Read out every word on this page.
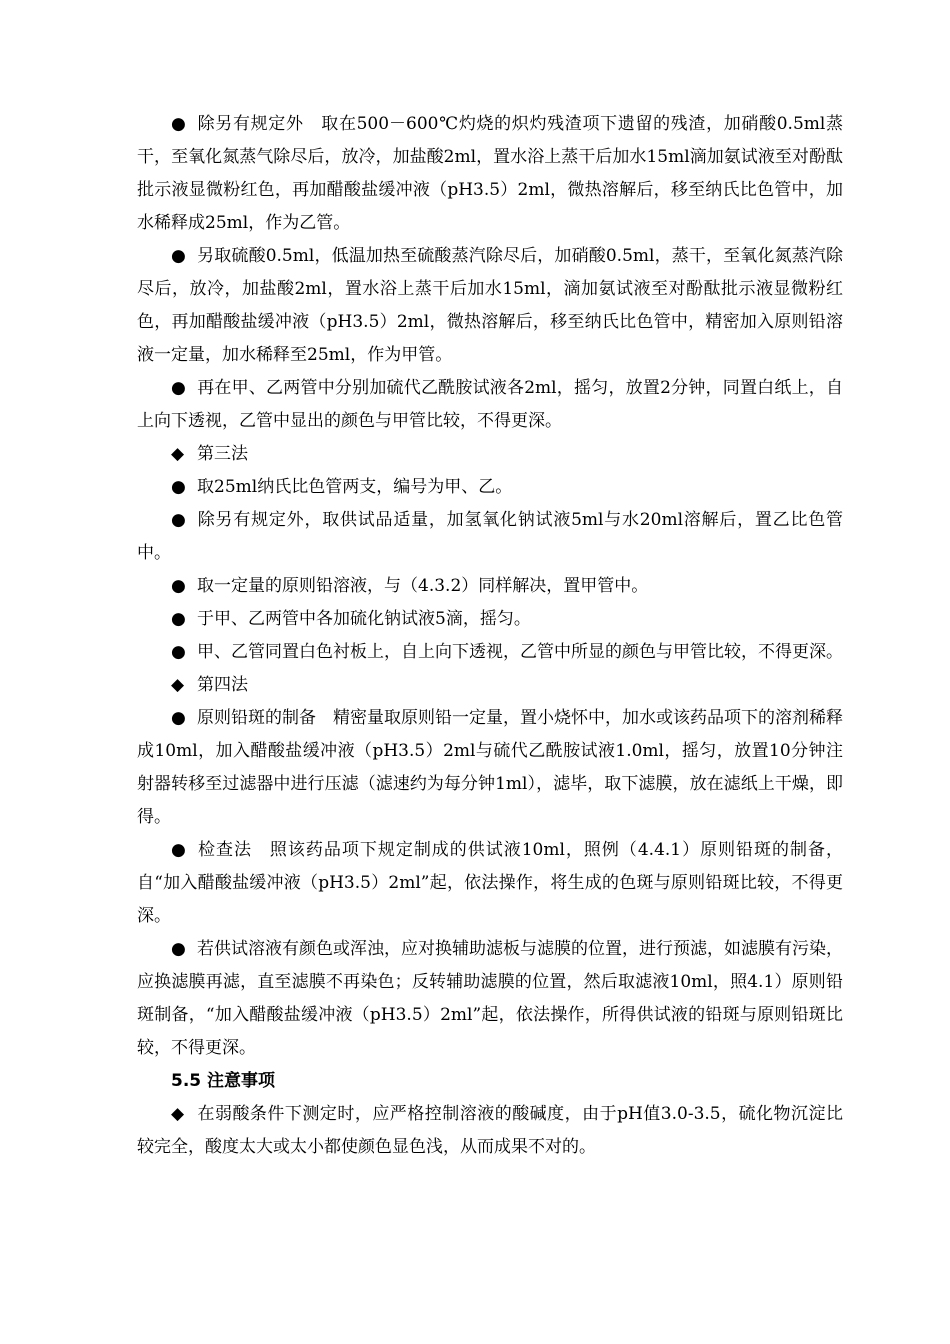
● 除另有规定外　取在500－600℃灼烧的炽灼残渣项下遗留的残渣，加硝酸0.5ml蒸干，至氧化氮蒸气除尽后，放冷，加盐酸2ml，置水浴上蒸干后加水15ml滴加氨试液至对酚酞批示液显微粉红色，再加醋酸盐缓冲液（pH3.5）2ml，微热溶解后，移至纳氏比色管中，加水稀释成25ml，作为乙管。

● 另取硫酸0.5ml，低温加热至硫酸蒸汽除尽后，加硝酸0.5ml，蒸干，至氧化氮蒸汽除尽后，放冷，加盐酸2ml，置水浴上蒸干后加水15ml，滴加氨试液至对酚酞批示液显微粉红色，再加醋酸盐缓冲液（pH3.5）2ml，微热溶解后，移至纳氏比色管中，精密加入原则铅溶液一定量，加水稀释至25ml，作为甲管。

● 再在甲、乙两管中分别加硫代乙酰胺试液各2ml，摇匀，放置2分钟，同置白纸上，自上向下透视，乙管中显出的颜色与甲管比较，不得更深。

◆ 第三法

● 取25ml纳氏比色管两支，编号为甲、乙。

● 除另有规定外，取供试品适量，加氢氧化钠试液5ml与水20ml溶解后，置乙比色管中。

● 取一定量的原则铅溶液，与（4.3.2）同样解决，置甲管中。

● 于甲、乙两管中各加硫化钠试液5滴，摇匀。

● 甲、乙管同置白色衬板上，自上向下透视，乙管中所显的颜色与甲管比较，不得更深。

◆ 第四法

● 原则铅斑的制备　精密量取原则铅一定量，置小烧怀中，加水或该药品项下的溶剂稀释成10ml，加入醋酸盐缓冲液（pH3.5）2ml与硫代乙酰胺试液1.0ml，摇匀，放置10分钟注射器转移至过滤器中进行压滤（滤速约为每分钟1ml），滤毕，取下滤膜，放在滤纸上干燥，即得。

● 检查法　照该药品项下规定制成的供试液10ml，照例（4.4.1）原则铅斑的制备，自“加入醋酸盐缓冲液（pH3.5）2ml”起，依法操作，将生成的色斑与原则铅斑比较，不得更深。

● 若供试溶液有颜色或浑浊，应对换辅助滤板与滤膜的位置，进行预滤，如滤膜有污染，应换滤膜再滤，直至滤膜不再染色；反转辅助滤膜的位置，然后取滤液10ml，照4.1）原则铅斑制备，“加入醋酸盐缓冲液（pH3.5）2ml”起，依法操作，所得供试液的铅斑与原则铅斑比较，不得更深。

5.5 注意事项

◆ 在弱酸条件下测定时，应严格控制溶液的酸碱度，由于pH值3.0-3.5，硫化物沉淀比较完全，酸度太大或太小都使颜色显色浅，从而成果不对的。
